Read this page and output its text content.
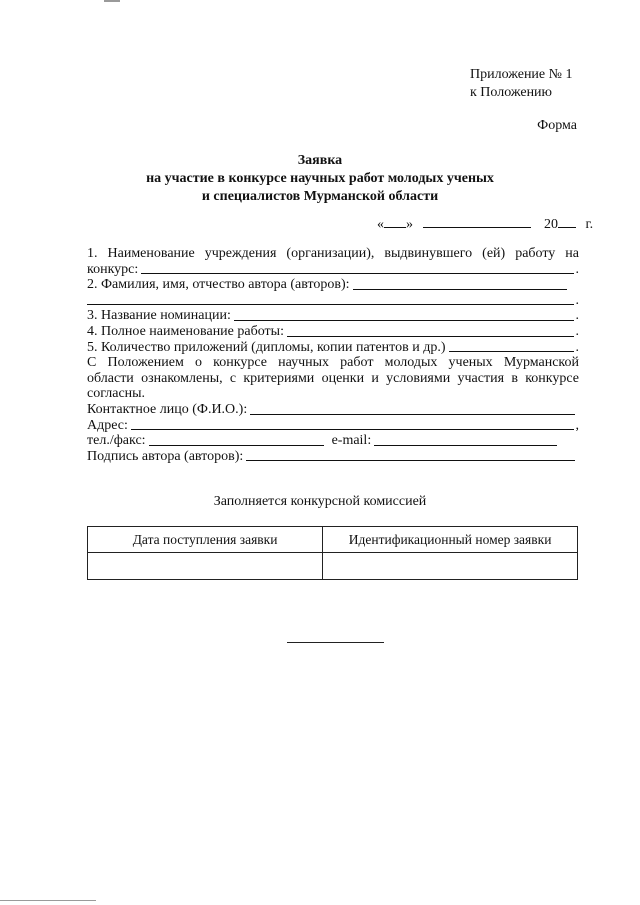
Приложение № 1
к Положению
Форма
Заявка
на участие в конкурсе научных работ молодых ученых
и специалистов Мурманской области
« »	20 г.
1. Наименование учреждения (организации), выдвинувшего (ей) работу на
конкурс:	.
2. Фамилия, имя, отчество автора (авторов):
.
3. Название номинации:	.
4. Полное наименование работы:	.
5. Количество приложений (дипломы, копии патентов и др.)	.
С Положением о конкурсе научных работ молодых ученых Мурманской
области ознакомлены, с критериями оценки и условиями участия в конкурсе
согласны.
Контактное лицо (Ф.И.О.):
Адрес:	,
тел./факс:	e-mail:
Подпись автора (авторов):
Заполняется конкурсной комиссией
Дата поступления заявки	Идентификационный номер заявки
